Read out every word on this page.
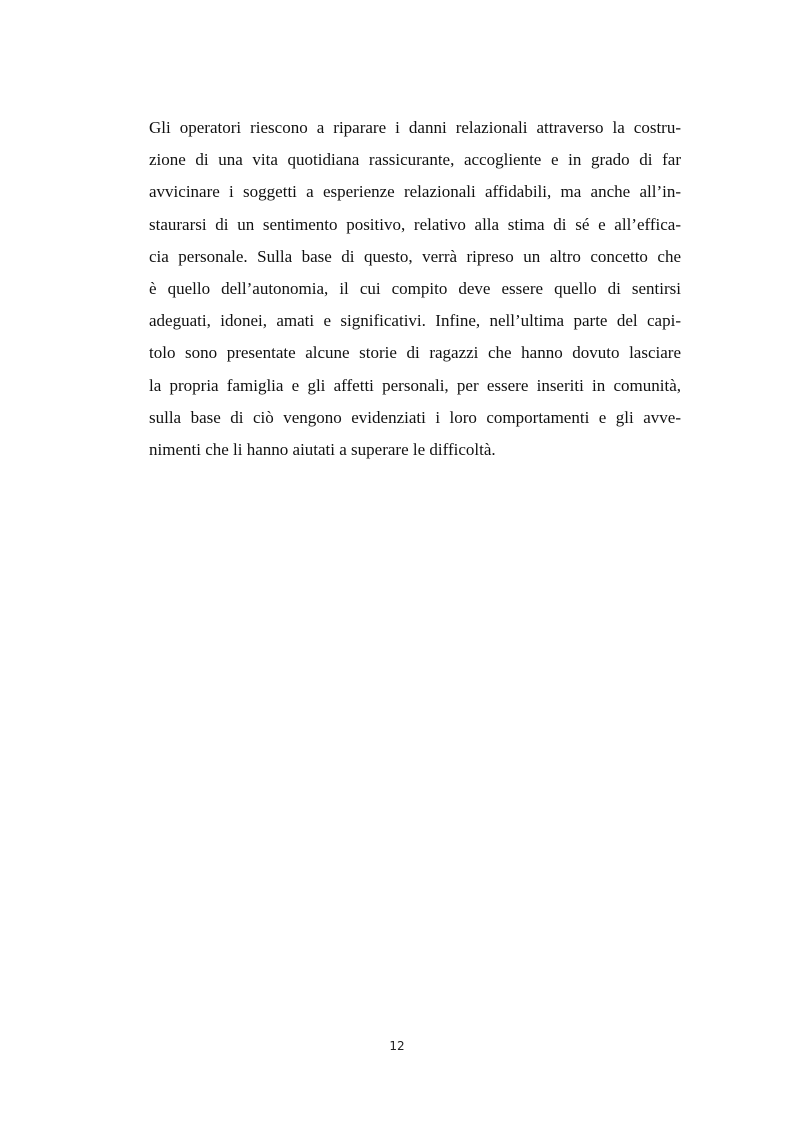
Gli operatori riescono a riparare i danni relazionali attraverso la costru-
zione di una vita quotidiana rassicurante, accogliente e in grado di far
avvicinare i soggetti a esperienze relazionali affidabili, ma anche all’in-
staurarsi di un sentimento positivo, relativo alla stima di sé e all’effica-
cia personale. Sulla base di questo, verrà ripreso un altro concetto che
è quello dell’autonomia, il cui compito deve essere quello di sentirsi
adeguati, idonei, amati e significativi. Infine, nell’ultima parte del capi-
tolo sono presentate alcune storie di ragazzi che hanno dovuto lasciare
la propria famiglia e gli affetti personali, per essere inseriti in comunità,
sulla base di ciò vengono evidenziati i loro comportamenti e gli avve-
nimenti che li hanno aiutati a superare le difficoltà.

12
